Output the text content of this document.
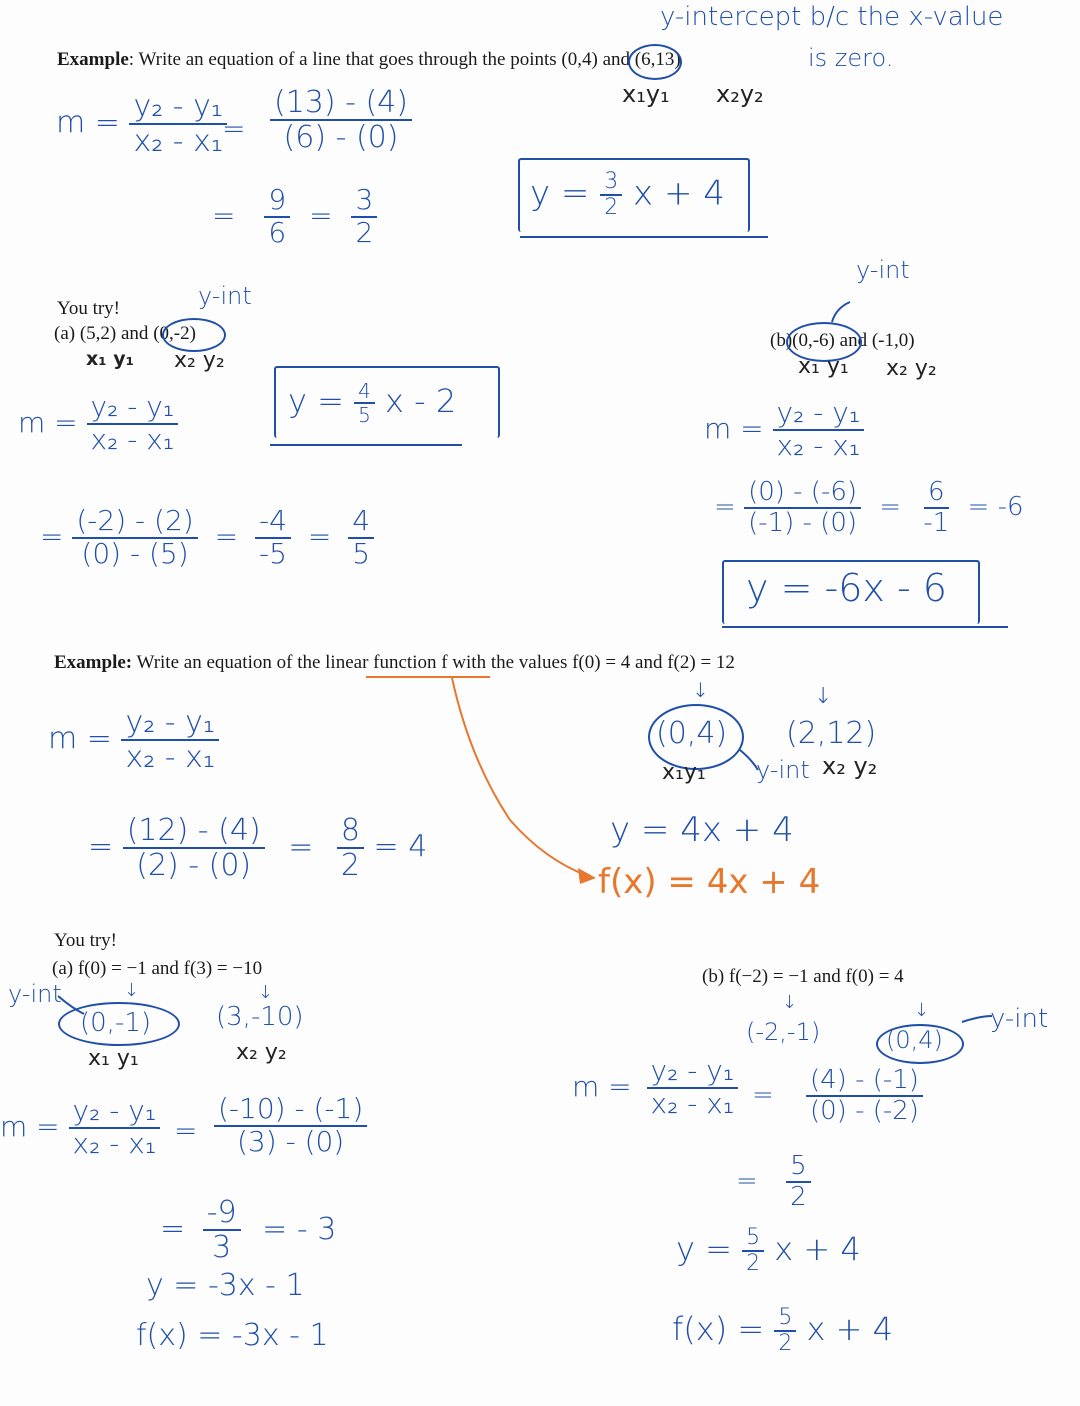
y-intercept b/c the x-value
is zero.
Example: Write an equation of a line that goes through the points (0,4) and (6,13)
x₁y₁ x₂y₂
$m = \frac{\text{y₂ - y₁}}{\text{x₂ - x₁}}$
= $\frac{(13) - (4)}{(6) - (0)}$
= $\frac{9}{6} = \frac{3}{2}$	$y = \frac{3}{2}$ x + 4
You try!	y-int
(a) (5,2) and (0,-2)
x₁ y₁ x₂ y₂
$m = \frac{\text{y₂ - y₁}}{\text{x₂ - x₁}}$	$y = \frac{4}{5}$ x - 2
= $\frac{(-2) - (2)}{(0) - (5)} = \frac{-4}{-5} = \frac{4}{5}$
y-int
(b)(0,-6) and (-1,0)
x₁ y₁ x₂ y₂
$m = \frac{\text{y₂ - y₁}}{\text{x₂ - x₁}}$
= $\frac{(0) - (-6)}{(-1) - (0)} = \frac{6}{-1} = -6$
y = -6x - 6
Example: Write an equation of the linear function f with the values f(0) = 4 and f(2) = 12
↓	↓
(0,4) (2,12)
x₁y₁ y-int x₂ y₂
$m = \frac{\text{y₂ - y₁}}{\text{x₂ - x₁}}$
= $\frac{(12) - (4)}{(2) - (0)} = \frac{8}{2} = 4$	y = 4x + 4
f(x) = 4x + 4
You try!
(a) f(0) = −1 and f(3) = −10
y-int	↓	↓
(0,-1) (3,-10)
x₁ y₁	x₂ y₂
$m = \frac{\text{y₂ - y₁}}{\text{x₂ - x₁}} = \frac{(-10) - (-1)}{(3) - (0)}$
= $\frac{-9}{3}$ = - 3
y = -3x - 1
f(x) = -3x - 1
(b) f(−2) = −1 and f(0) = 4
↓	↓
(-2,-1)	(0,4)
y-int
$m = \frac{\text{y₂ - y₁}}{\text{x₂ - x₁}} = \frac{(4) - (-1)}{(0) - (-2)}$
= $\frac{5}{2}$
$y = \frac{5}{2}$ x + 4
$f(x) = \frac{5}{2}$ x + 4
